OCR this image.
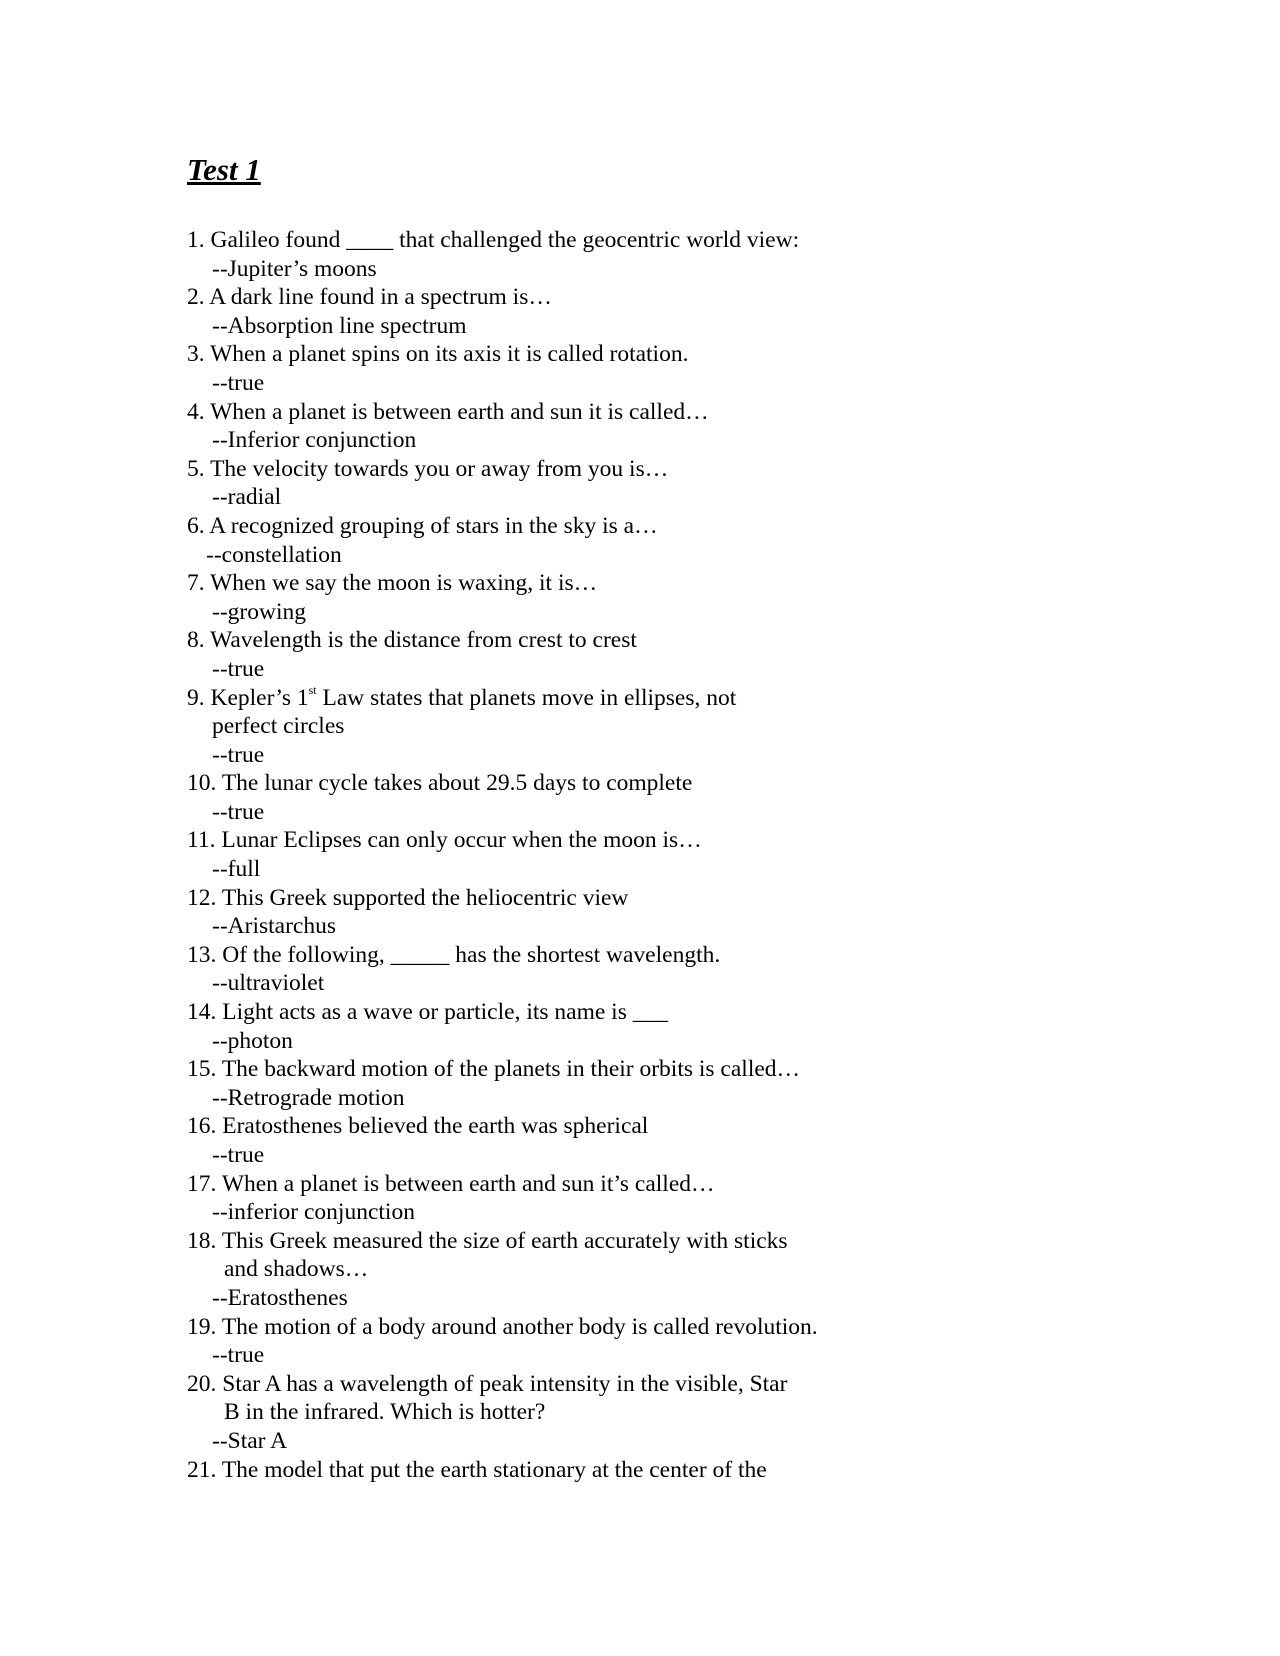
Test 1
1. Galileo found ____ that challenged the geocentric world view:
--Jupiter’s moons
2. A dark line found in a spectrum is…
--Absorption line spectrum
3. When a planet spins on its axis it is called rotation.
--true
4. When a planet is between earth and sun it is called…
--Inferior conjunction
5. The velocity towards you or away from you is…
--radial
6. A recognized grouping of stars in the sky is a…
--constellation
7. When we say the moon is waxing, it is…
--growing
8. Wavelength is the distance from crest to crest
--true
9. Kepler’s 1st Law states that planets move in ellipses, not
perfect circles
--true
10. The lunar cycle takes about 29.5 days to complete
--true
11. Lunar Eclipses can only occur when the moon is…
--full
12. This Greek supported the heliocentric view
--Aristarchus
13. Of the following, _____ has the shortest wavelength.
--ultraviolet
14. Light acts as a wave or particle, its name is ___
--photon
15. The backward motion of the planets in their orbits is called…
--Retrograde motion
16. Eratosthenes believed the earth was spherical
--true
17. When a planet is between earth and sun it’s called…
--inferior conjunction
18. This Greek measured the size of earth accurately with sticks
and shadows…
--Eratosthenes
19. The motion of a body around another body is called revolution.
--true
20. Star A has a wavelength of peak intensity in the visible, Star
B in the infrared. Which is hotter?
--Star A
21. The model that put the earth stationary at the center of the
